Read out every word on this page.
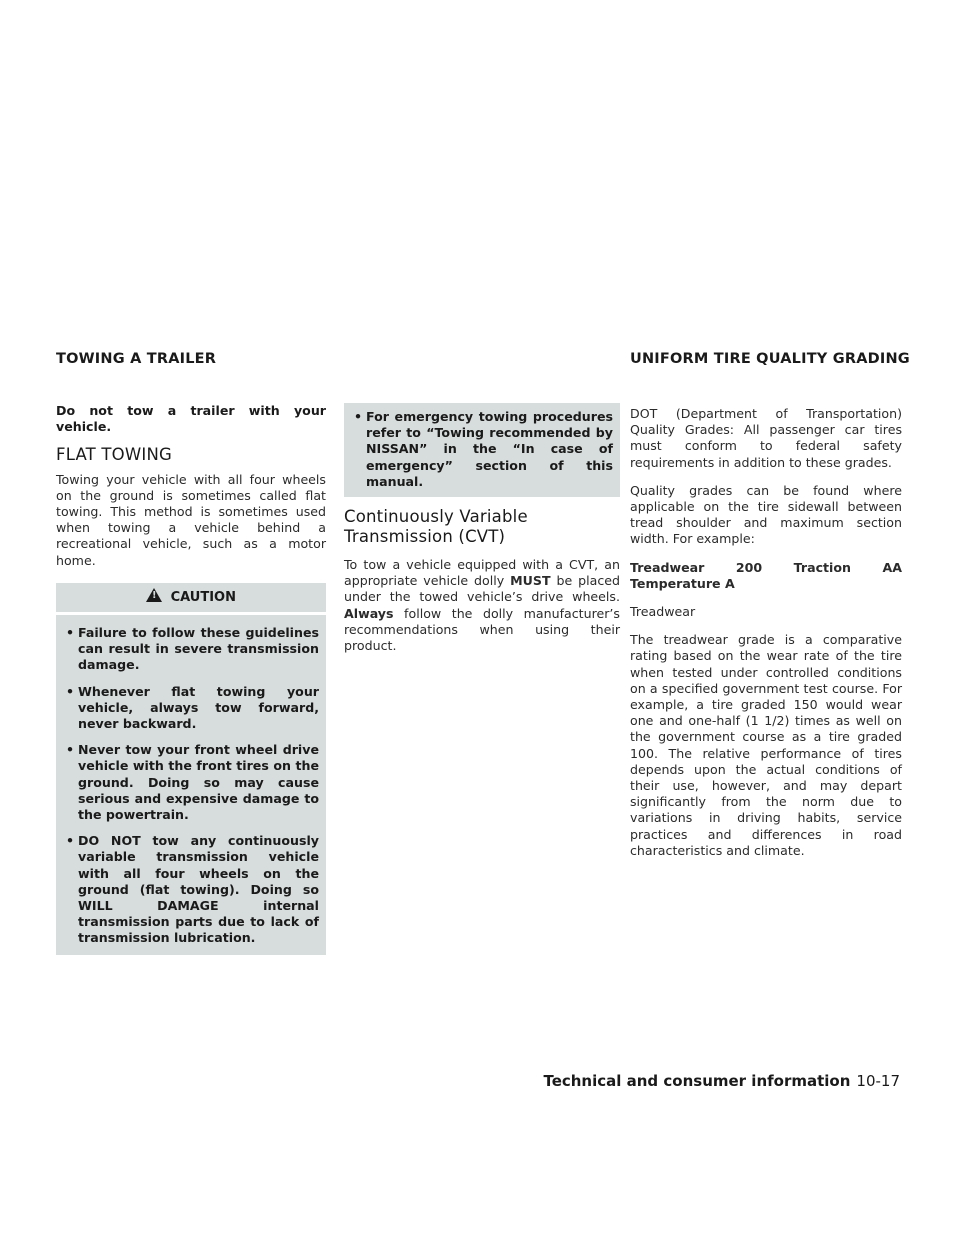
TOWING A TRAILER	UNIFORM TIRE QUALITY GRADING

Do not tow a trailer with your vehicle.

FLAT TOWING

Towing your vehicle with all four wheels on the ground is sometimes called flat towing. This method is sometimes used when towing a vehicle behind a recreational vehicle, such as a motor home.

! CAUTION
• Failure to follow these guidelines can result in severe transmission damage.
• Whenever flat towing your vehicle, always tow forward, never backward.
• Never tow your front wheel drive vehicle with the front tires on the ground. Doing so may cause serious and expensive damage to the powertrain.
• DO NOT tow any continuously variable transmission vehicle with all four wheels on the ground (flat towing). Doing so WILL DAMAGE internal transmission parts due to lack of transmission lubrication.
• For emergency towing procedures refer to “Towing recommended by NISSAN” in the “In case of emergency” section of this manual.
Continuously Variable
Transmission (CVT)

To tow a vehicle equipped with a CVT, an appropriate vehicle dolly MUST be placed under the towed vehicle’s drive wheels. Always follow the dolly manufacturer’s recommendations when using their product.

DOT (Department of Transportation) Quality Grades: All passenger car tires must conform to federal safety requirements in addition to these grades.

Quality grades can be found where applicable on the tire sidewall between tread shoulder and maximum section width. For example:

Treadwear 200 Traction AA Temperature A

Treadwear

The treadwear grade is a comparative rating based on the wear rate of the tire when tested under controlled conditions on a specified government test course. For example, a tire graded 150 would wear one and one-half (1 1/2) times as well on the government course as a tire graded 100. The relative performance of tires depends upon the actual conditions of their use, however, and may depart significantly from the norm due to variations in driving habits, service practices and differences in road characteristics and climate.

Technical and consumer information 10-17
